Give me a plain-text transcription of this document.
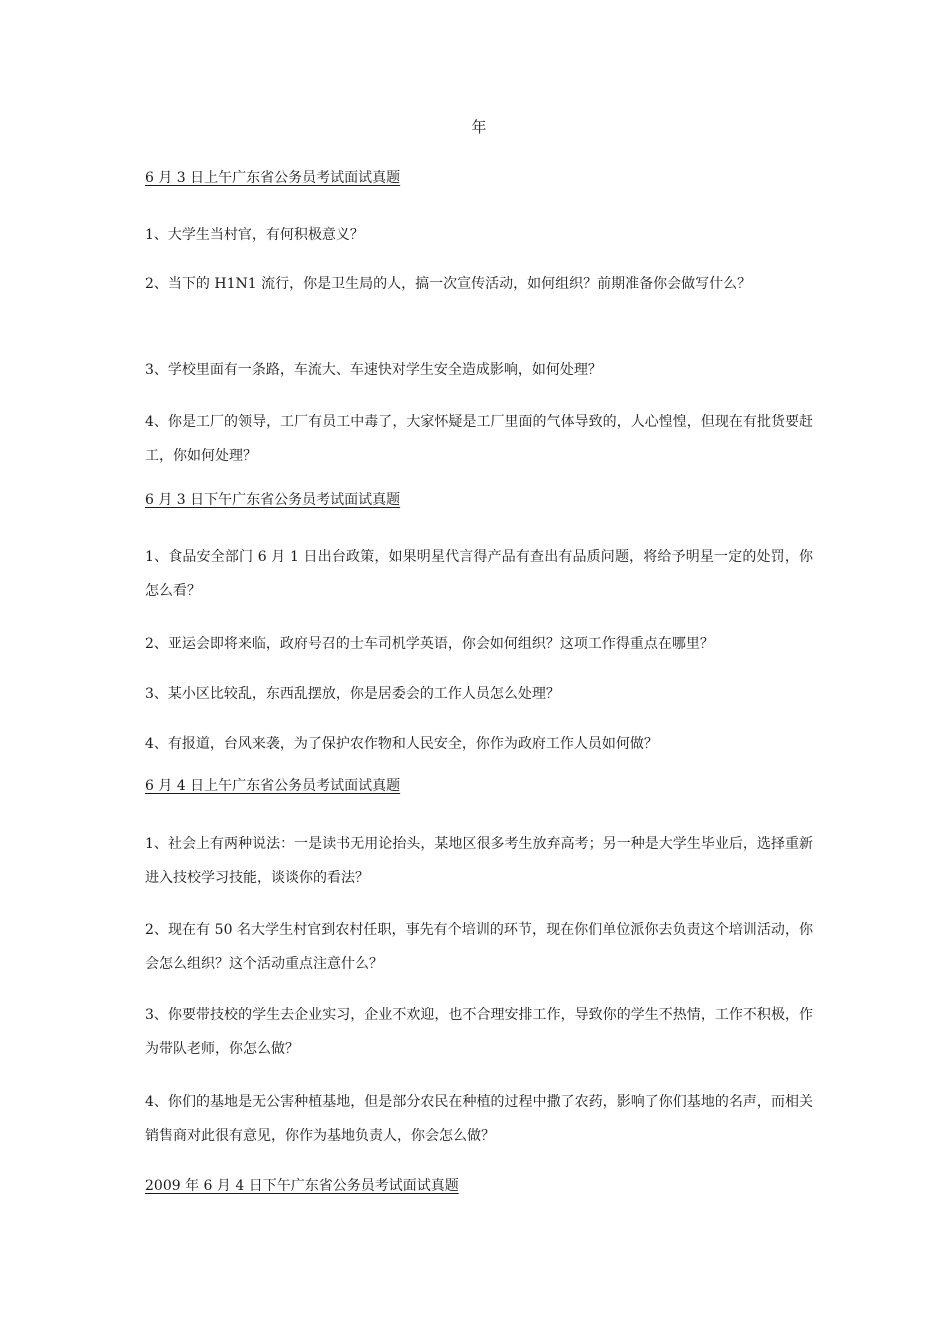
年
6 月 3 日上午广东省公务员考试面试真题

1、大学生当村官，有何积极意义？

2、当下的 H1N1 流行，你是卫生局的人，搞一次宣传活动，如何组织？前期准备你会做写什么？

3、学校里面有一条路，车流大、车速快对学生安全造成影响，如何处理？

4、你是工厂的领导，工厂有员工中毒了，大家怀疑是工厂里面的气体导致的，人心惶惶，但现在有批货要赶工，你如何处理？

6 月 3 日下午广东省公务员考试面试真题

1、食品安全部门 6 月 1 日出台政策，如果明星代言得产品有查出有品质问题，将给予明星一定的处罚，你怎么看？

2、亚运会即将来临，政府号召的士车司机学英语，你会如何组织？这项工作得重点在哪里？

3、某小区比较乱，东西乱摆放，你是居委会的工作人员怎么处理？

4、有报道，台风来袭，为了保护农作物和人民安全，你作为政府工作人员如何做？

6 月 4 日上午广东省公务员考试面试真题

1、社会上有两种说法：一是读书无用论抬头，某地区很多考生放弃高考；另一种是大学生毕业后，选择重新进入技校学习技能，谈谈你的看法？

2、现在有 50 名大学生村官到农村任职，事先有个培训的环节，现在你们单位派你去负责这个培训活动，你会怎么组织？这个活动重点注意什么？

3、你要带技校的学生去企业实习，企业不欢迎，也不合理安排工作，导致你的学生不热情，工作不积极，作为带队老师，你怎么做？

4、你们的基地是无公害种植基地，但是部分农民在种植的过程中撒了农药，影响了你们基地的名声，而相关销售商对此很有意见，你作为基地负责人，你会怎么做？

2009 年 6 月 4 日下午广东省公务员考试面试真题
